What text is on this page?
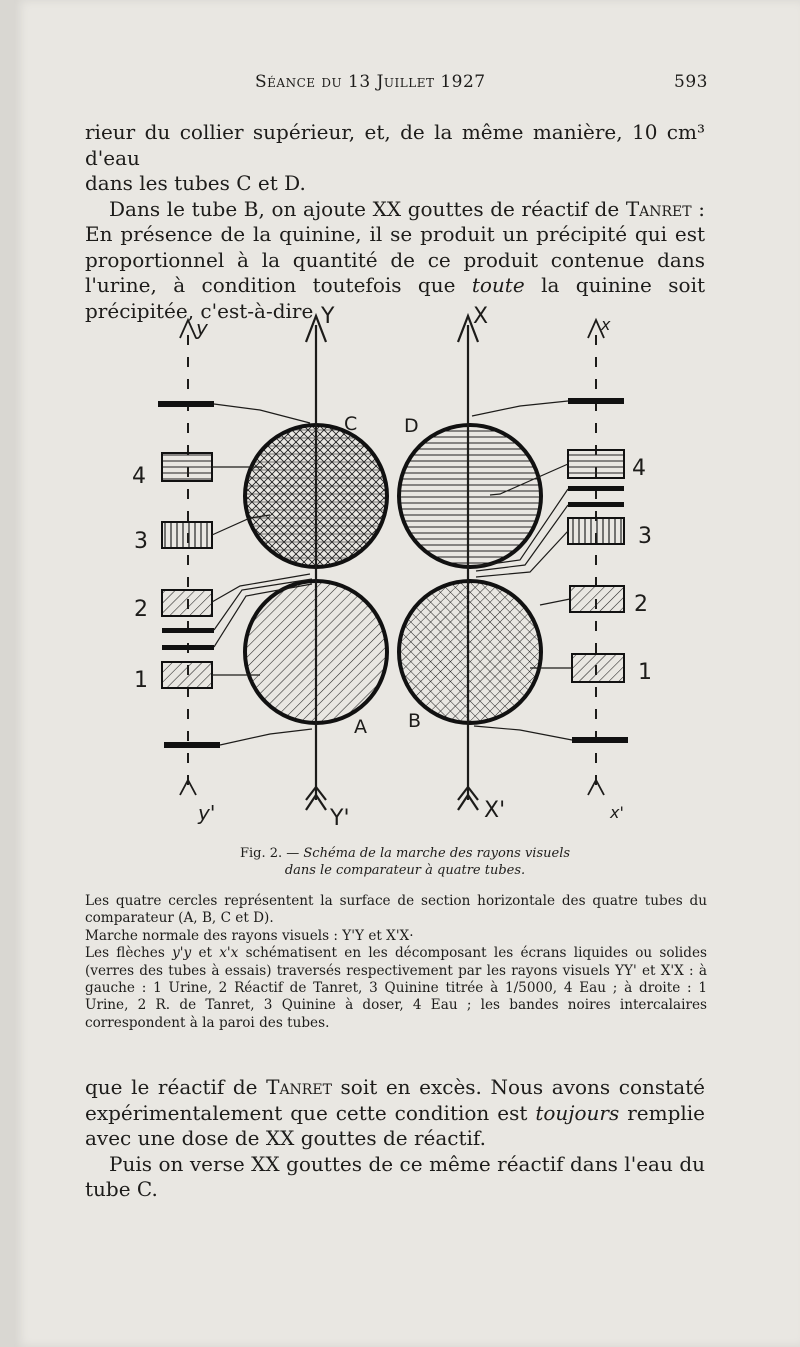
Séance du 13 Juillet 1927	593

rieur du collier supérieur, et, de la même manière, 10 cm³ d'eau
dans les tubes C et D.

Dans le tube B, on ajoute XX gouttes de réactif de Tanret : En présence de la quinine, il se produit un précipité qui est proportionnel à la quantité de ce produit contenue dans l'urine, à condition toutefois que toute la quinine soit précipitée, c'est-à-dire Y	X
Y'	X'
y	x
y'	x'
C D
A B
4
3
2
1
4
3
2
1
Fig. 2. — Schéma de la marche des rayons visuels
dans le comparateur à quatre tubes.

Les quatre cercles représentent la surface de section horizontale des quatre tubes du comparateur (A, B, C et D).

Marche normale des rayons visuels : Y'Y et X'X·

Les flèches y'y et x'x schématisent en les décomposant les écrans liquides ou solides (verres des tubes à essais) traversés respectivement par les rayons visuels YY' et X'X : à gauche : 1 Urine, 2 Réactif de Tanret, 3 Quinine titrée à 1/5000, 4 Eau ; à droite : 1 Urine, 2 R. de Tanret, 3 Quinine à doser, 4 Eau ; les bandes noires intercalaires correspondent à la paroi des tubes.

que le réactif de Tanret soit en excès. Nous avons constaté expérimentalement que cette condition est toujours remplie avec une dose de XX gouttes de réactif.

Puis on verse XX gouttes de ce même réactif dans l'eau du tube C.
